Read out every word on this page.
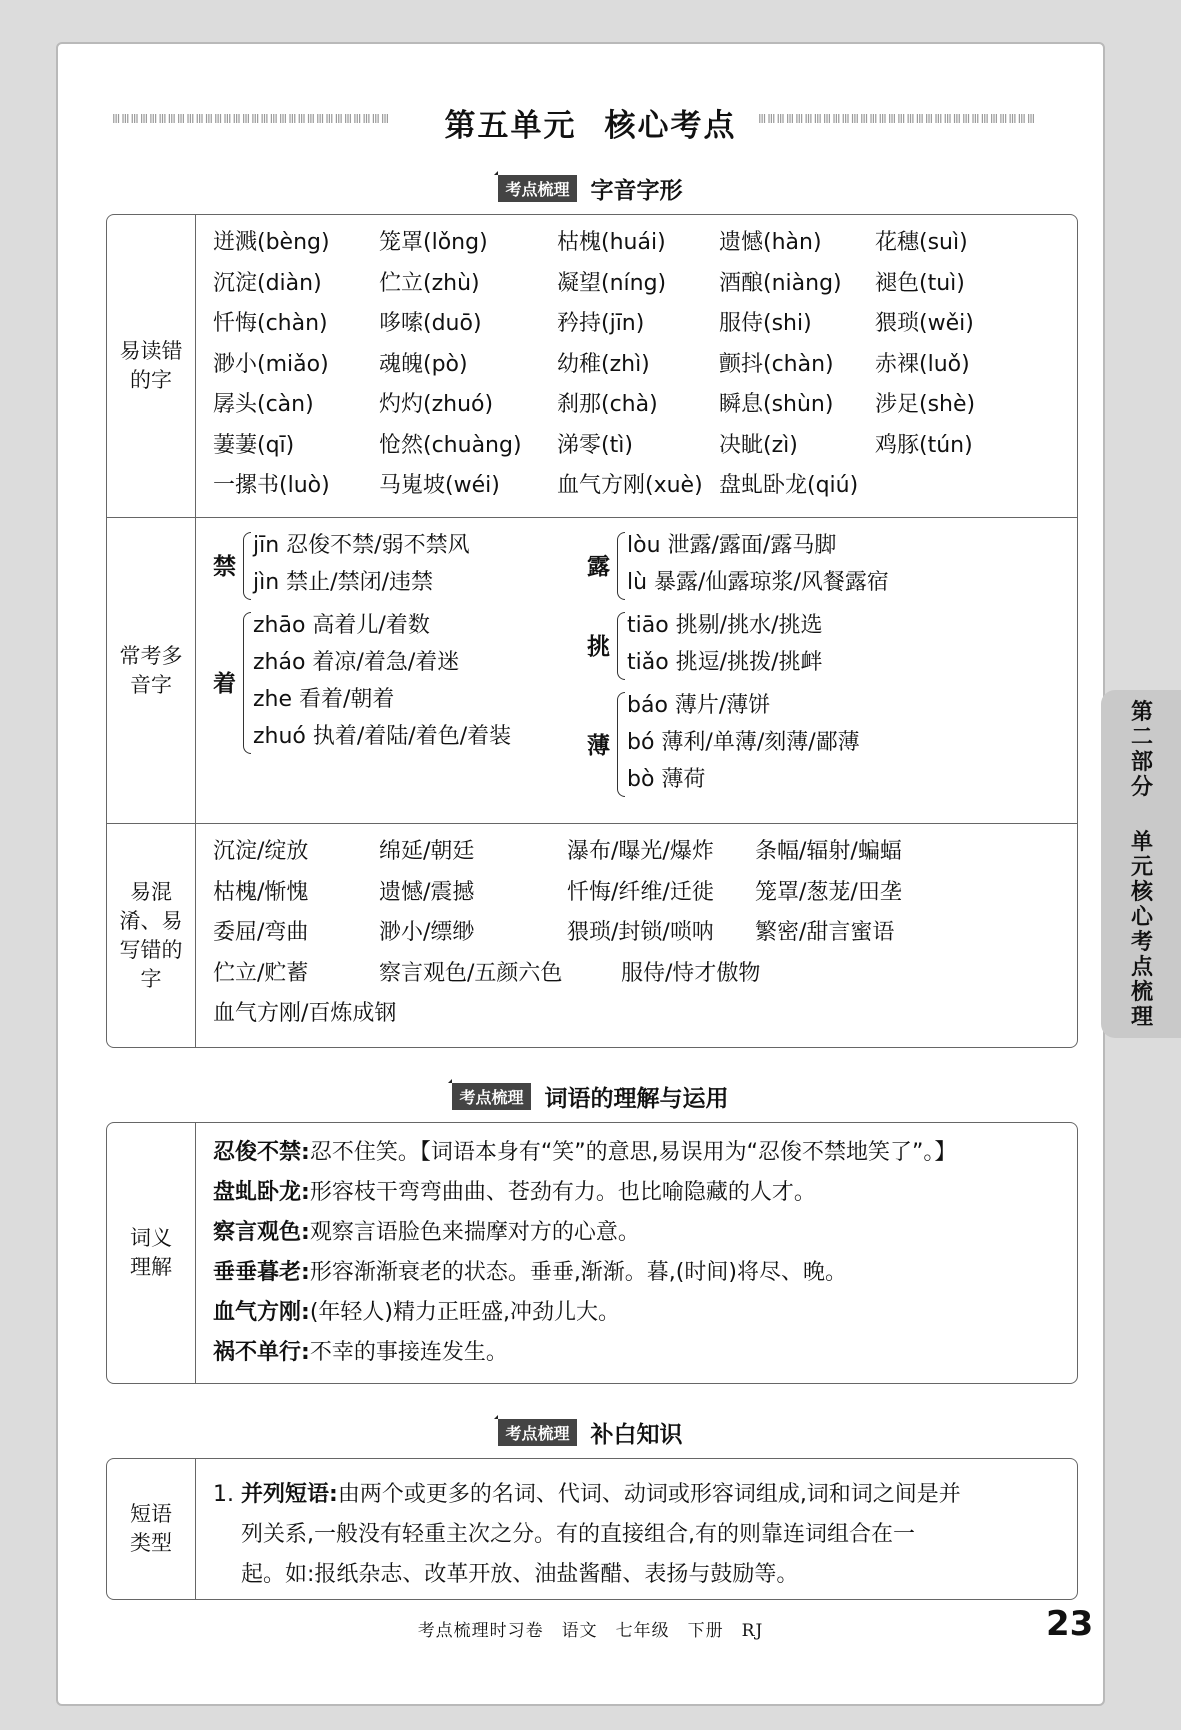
ⅢⅢⅢⅢⅢⅢⅢⅢⅢⅢⅢⅢⅢⅢⅢⅢⅢⅢⅢⅢⅢⅢⅢⅢⅢⅢⅢⅢⅢⅢ	ⅢⅢⅢⅢⅢⅢⅢⅢⅢⅢⅢⅢⅢⅢⅢⅢⅢⅢⅢⅢⅢⅢⅢⅢⅢⅢⅢⅢⅢⅢ
第五单元 核心考点
考点梳理 字音字形
易读错的字
迸溅(bèng) 笼罩(lǒng)	枯槐(huái) 遗憾(hàn) 花穗(suì)
沉淀(diàn)	伫立(zhù)	凝望(níng) 酒酿(niàng) 褪色(tuì)
忏悔(chàn) 哆嗦(duō)	矜持(jīn)	服侍(shi)	猥琐(wěi)
渺小(miǎo) 魂魄(pò)	幼稚(zhì)	颤抖(chàn) 赤裸(luǒ)
孱头(càn)	灼灼(zhuó)	刹那(chà)	瞬息(shùn) 涉足(shè)
萋萋(qī)	怆然(chuàng) 涕零(tì)	决眦(zì)	鸡豚(tún)
一摞书(luò) 马嵬坡(wéi)	血气方刚(xuè) 盘虬卧龙(qiú)
常考多音字
禁
jīn 忍俊不禁/弱不禁风
jìn 禁止/禁闭/违禁
露
lòu 泄露/露面/露马脚
lù 暴露/仙露琼浆/风餐露宿
着
zhāo 高着儿/着数
zháo 着凉/着急/着迷
zhe 看着/朝着
zhuó 执着/着陆/着色/着装
挑
tiāo 挑剔/挑水/挑选
tiǎo 挑逗/挑拨/挑衅
薄
báo 薄片/薄饼
bó 薄利/单薄/刻薄/鄙薄
bò 薄荷
易混淆、易写错的字
沉淀/绽放	绵延/朝廷	瀑布/曝光/爆炸 条幅/辐射/蝙蝠
枯槐/惭愧	遗憾/震撼	忏悔/纤维/迁徙 笼罩/葱茏/田垄
委屈/弯曲	渺小/缥缈	猥琐/封锁/唢呐 繁密/甜言蜜语
伫立/贮蓄	察言观色/五颜六色	服侍/恃才傲物
血气方刚/百炼成钢
考点梳理 词语的理解与运用
词义理解
忍俊不禁:忍不住笑。【词语本身有“笑”的意思,易误用为“忍俊不禁地笑了”。】
盘虬卧龙:形容枝干弯弯曲曲、苍劲有力。也比喻隐藏的人才。
察言观色:观察言语脸色来揣摩对方的心意。
垂垂暮老:形容渐渐衰老的状态。垂垂,渐渐。暮,(时间)将尽、晚。
血气方刚:(年轻人)精力正旺盛,冲劲儿大。
祸不单行:不幸的事接连发生。
考点梳理 补白知识
短语类型
1. 并列短语:由两个或更多的名词、代词、动词或形容词组成,词和词之间是并
列关系,一般没有轻重主次之分。有的直接组合,有的则靠连词组合在一
起。如:报纸杂志、改革开放、油盐酱醋、表扬与鼓励等。
第
二
部
分
单
元
核
心
考
点
梳
理
考点梳理时习卷　语文　七年级　下册　RJ	23
